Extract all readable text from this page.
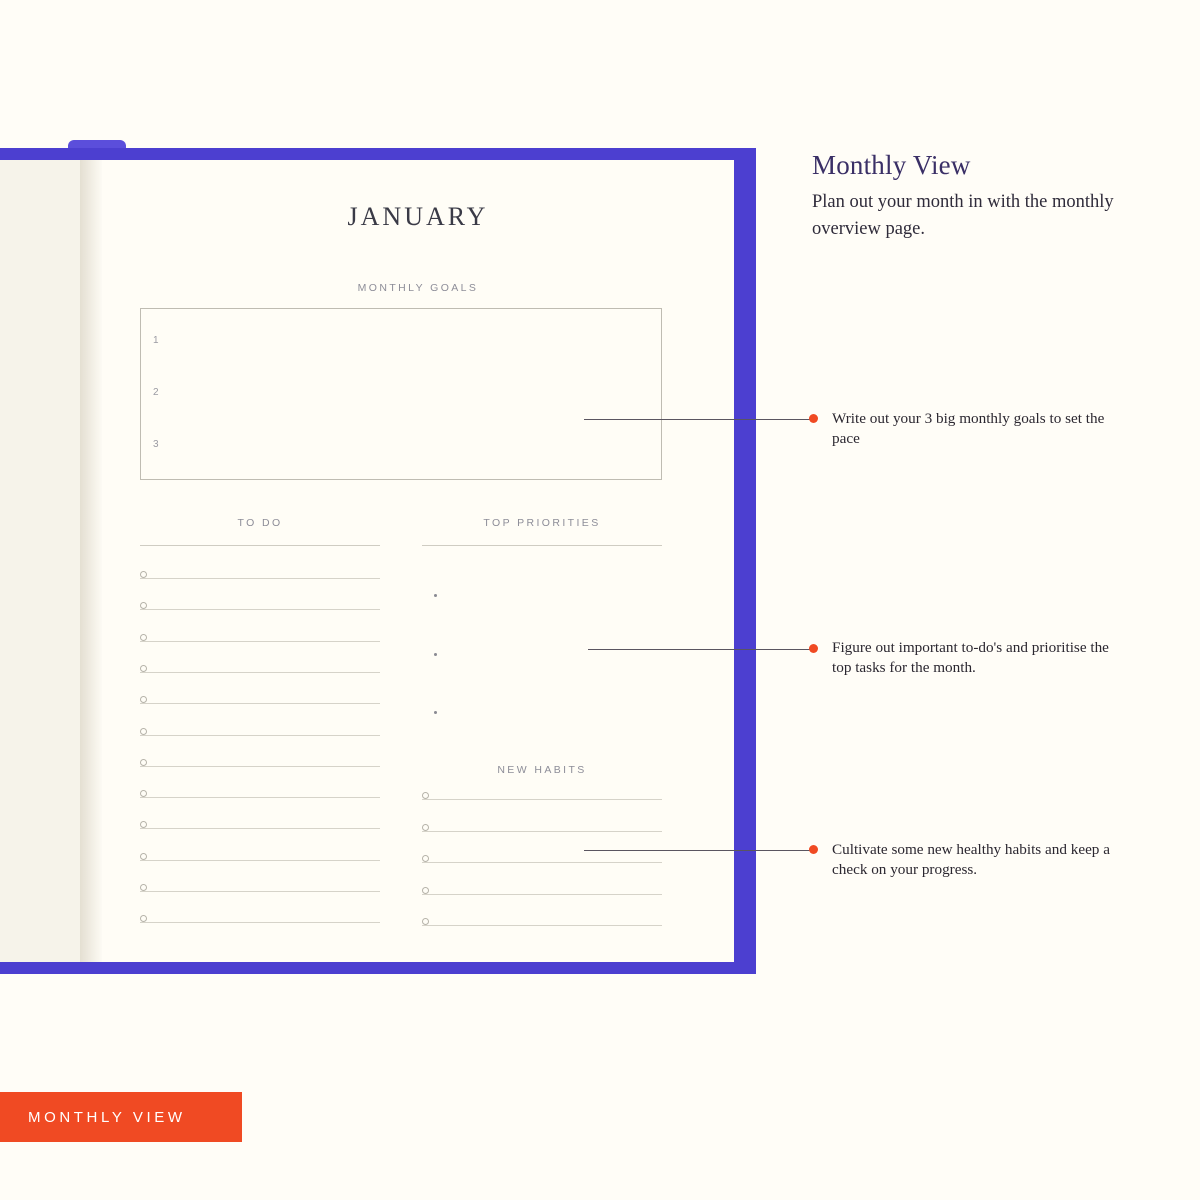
JANUARY
MONTHLY GOALS
1
2
3
TO DO	TOP PRIORITIES
NEW HABITS
Monthly View
Plan out your month in with the monthly overview page.
Write out your 3 big monthly goals to set the pace
Figure out important to-do's and prioritise the top tasks for the month.
Cultivate some new healthy habits and keep a check on your progress.
MONTHLY VIEW
